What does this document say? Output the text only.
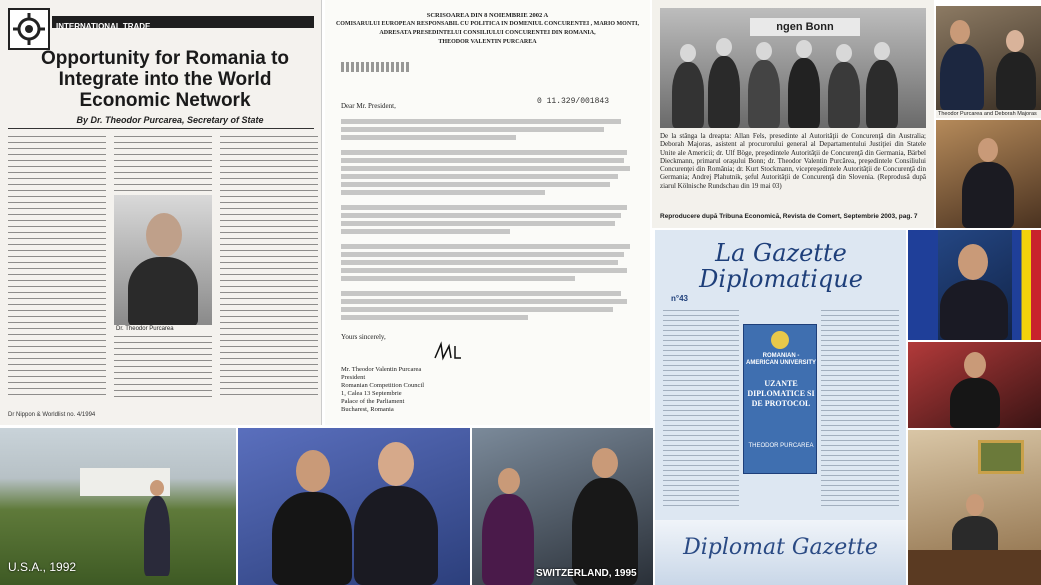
INTERNATIONAL TRADE
Opportunity for Romania to Integrate into the World Economic Network
By Dr. Theodor Purcarea, Secretary of State
Dr. Theodor Purcarea
Dr Nippon & Worldlist no. 4/1994
SCRISOAREA DIN 8 NOIEMBRIE 2002 A
COMISARULUI EUROPEAN RESPONSABIL CU POLITICA IN DOMENIUL CONCURENTEI , MARIO MONTI,
ADRESATA PRESEDINTELUI CONSILIULUI CONCURENTEI DIN ROMANIA,
THEODOR VALENTIN PURCAREA
0 11.329/001843
Dear Mr. President,
Yours sincerely,
Mr. Theodor Valentin Purcarea
President
Romanian Competition Council
1, Calea 13 Septembrie
Palace of the Parliament
Bucharest, Romania
ngen Bonn
De la stânga la dreapta: Allan Fels, presedinte al Autorităţii de Concurenţă din Australia; Deborah Majoras, asistent al procurorului general al Departamentului Justiţiei din Statele Unite ale Americii; dr. Ulf Böge, preşedintele Autorităţii de Concurenţă din Germania, Bärbel Dieckmann, primarul oraşului Bonn; dr. Theodor Valentin Purcărea, preşedintele Consiliului Concurenţei din România; dr. Kurt Stockmann, vicepreşedintele Autorităţii de Concurenţă din Germania; Andrej Plahutnik, şeful Autorităţii de Concurenţă din Slovenia. (Reprodusă după ziarul Kölnische Rundschau din 19 mai 03)
Reproducere după Tribuna Economică, Revista de Comert, Septembrie 2003, pag. 7
Theodor Purcarea and Deborah Majoras
La Gazette Diplomatique
n°43
ROMANIAN - AMERICAN UNIVERSITY
UZANTE DIPLOMATICE SI DE PROTOCOL
THEODOR PURCAREA
Diplomat Gazette
U.S.A., 1992	SWITZERLAND, 1995
